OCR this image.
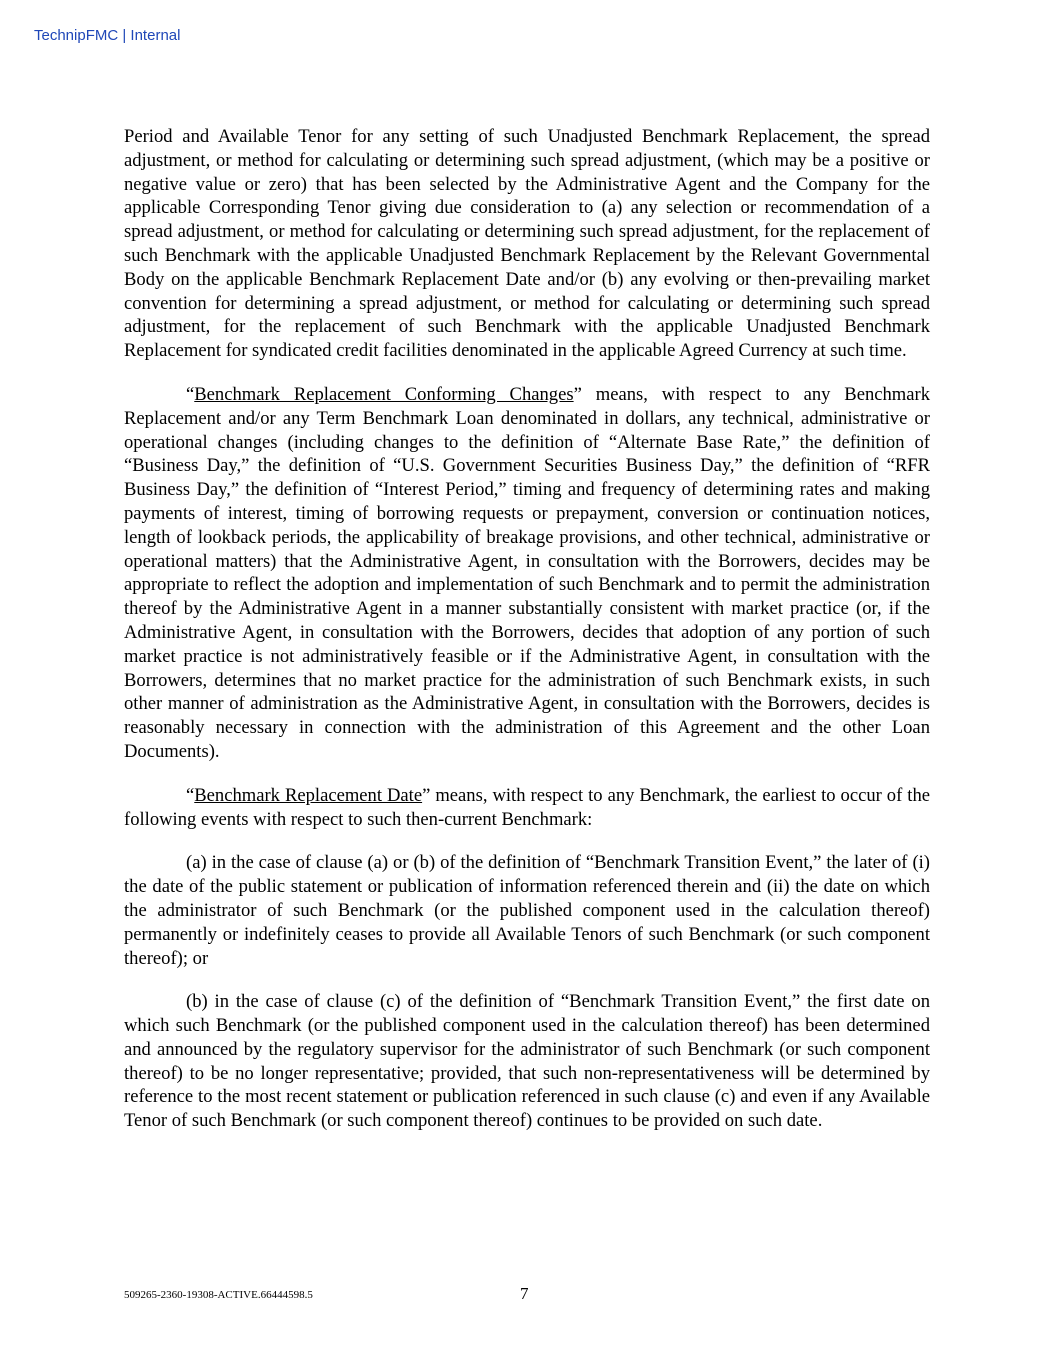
TechnipFMC | Internal

Period and Available Tenor for any setting of such Unadjusted Benchmark Replacement, the spread adjustment, or method for calculating or determining such spread adjustment, (which may be a positive or negative value or zero) that has been selected by the Administrative Agent and the Company for the applicable Corresponding Tenor giving due consideration to (a) any selection or recommendation of a spread adjustment, or method for calculating or determining such spread adjustment, for the replacement of such Benchmark with the applicable Unadjusted Benchmark Replacement by the Relevant Governmental Body on the applicable Benchmark Replacement Date and/or (b) any evolving or then-prevailing market convention for determining a spread adjustment, or method for calculating or determining such spread adjustment, for the replacement of such Benchmark with the applicable Unadjusted Benchmark Replacement for syndicated credit facilities denominated in the applicable Agreed Currency at such time.

“Benchmark Replacement Conforming Changes” means, with respect to any Benchmark Replacement and/or any Term Benchmark Loan denominated in dollars, any technical, administrative or operational changes (including changes to the definition of “Alternate Base Rate,” the definition of “Business Day,” the definition of “U.S. Government Securities Business Day,” the definition of “RFR Business Day,” the definition of “Interest Period,” timing and frequency of determining rates and making payments of interest, timing of borrowing requests or prepayment, conversion or continuation notices, length of lookback periods, the applicability of breakage provisions, and other technical, administrative or operational matters) that the Administrative Agent, in consultation with the Borrowers, decides may be appropriate to reflect the adoption and implementation of such Benchmark and to permit the administration thereof by the Administrative Agent in a manner substantially consistent with market practice (or, if the Administrative Agent, in consultation with the Borrowers, decides that adoption of any portion of such market practice is not administratively feasible or if the Administrative Agent, in consultation with the Borrowers, determines that no market practice for the administration of such Benchmark exists, in such other manner of administration as the Administrative Agent, in consultation with the Borrowers, decides is reasonably necessary in connection with the administration of this Agreement and the other Loan Documents).

“Benchmark Replacement Date” means, with respect to any Benchmark, the earliest to occur of the following events with respect to such then-current Benchmark:

(a) in the case of clause (a) or (b) of the definition of “Benchmark Transition Event,” the later of (i) the date of the public statement or publication of information referenced therein and (ii) the date on which the administrator of such Benchmark (or the published component used in the calculation thereof) permanently or indefinitely ceases to provide all Available Tenors of such Benchmark (or such component thereof); or

(b) in the case of clause (c) of the definition of “Benchmark Transition Event,” the first date on which such Benchmark (or the published component used in the calculation thereof) has been determined and announced by the regulatory supervisor for the administrator of such Benchmark (or such component thereof) to be no longer representative; provided, that such non-representativeness will be determined by reference to the most recent statement or publication referenced in such clause (c) and even if any Available Tenor of such Benchmark (or such component thereof) continues to be provided on such date.

509265-2360-19308-ACTIVE.66444598.5	7
